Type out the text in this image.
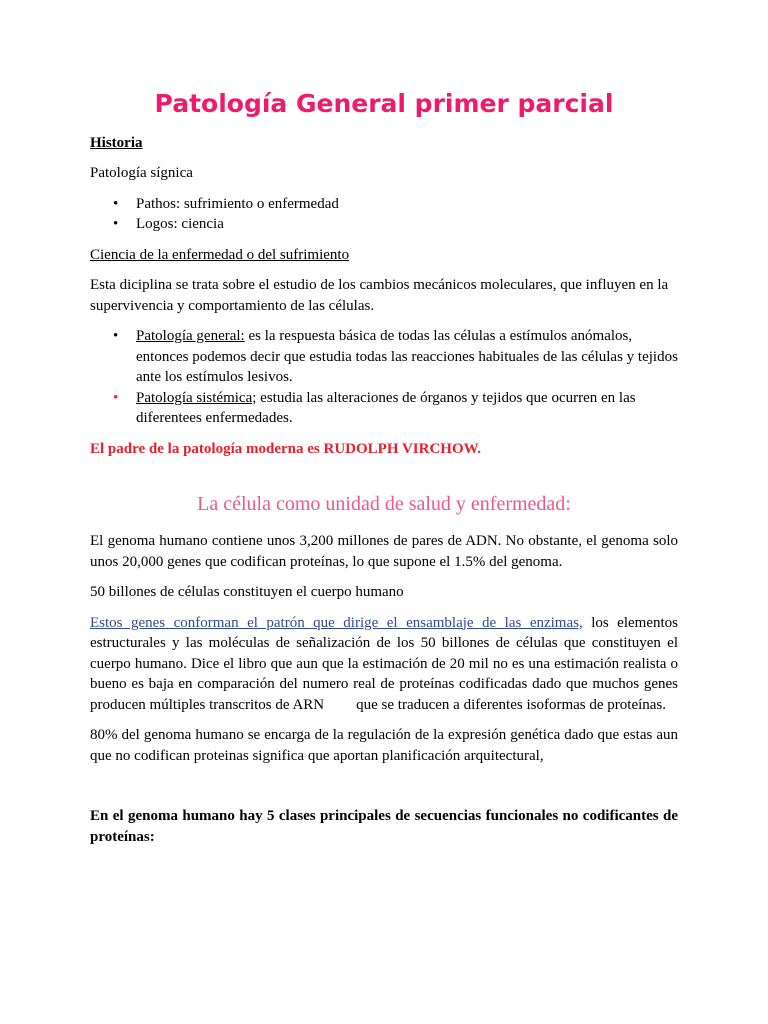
Patología General primer parcial

Historia

Patología sígnica

• Pathos: sufrimiento o enfermedad
• Logos: ciencia

Ciencia de la enfermedad o del sufrimiento

Esta diciplina se trata sobre el estudio de los cambios mecánicos moleculares, que influyen en la supervivencia y comportamiento de las células.

• Patología general: es la respuesta básica de todas las células a estímulos anómalos, entonces podemos decir que estudia todas las reacciones habituales de las células y tejidos ante los estímulos lesivos.
• Patología sistémica; estudia las alteraciones de órganos y tejidos que ocurren en las diferentees enfermedades.

El padre de la patología moderna es RUDOLPH VIRCHOW.

La célula como unidad de salud y enfermedad:

El genoma humano contiene unos 3,200 millones de pares de ADN. No obstante, el genoma solo unos 20,000 genes que codifican proteínas, lo que supone el 1.5% del genoma.

50 billones de células constituyen el cuerpo humano

Estos genes conforman el patrón que dirige el ensamblaje de las enzimas, los elementos estructurales y las moléculas de señalización de los 50 billones de células que constituyen el cuerpo humano. Dice el libro que aun que la estimación de 20 mil no es una estimación realista o bueno es baja en comparación del numero real de proteínas codificadas dado que muchos genes producen múltiples transcritos de ARN que se traducen a diferentes isoformas de proteínas.

80% del genoma humano se encarga de la regulación de la expresión genética dado que estas aun que no codifican proteinas significa que aportan planificación arquitectural,

En el genoma humano hay 5 clases principales de secuencias funcionales no codificantes de proteínas:
